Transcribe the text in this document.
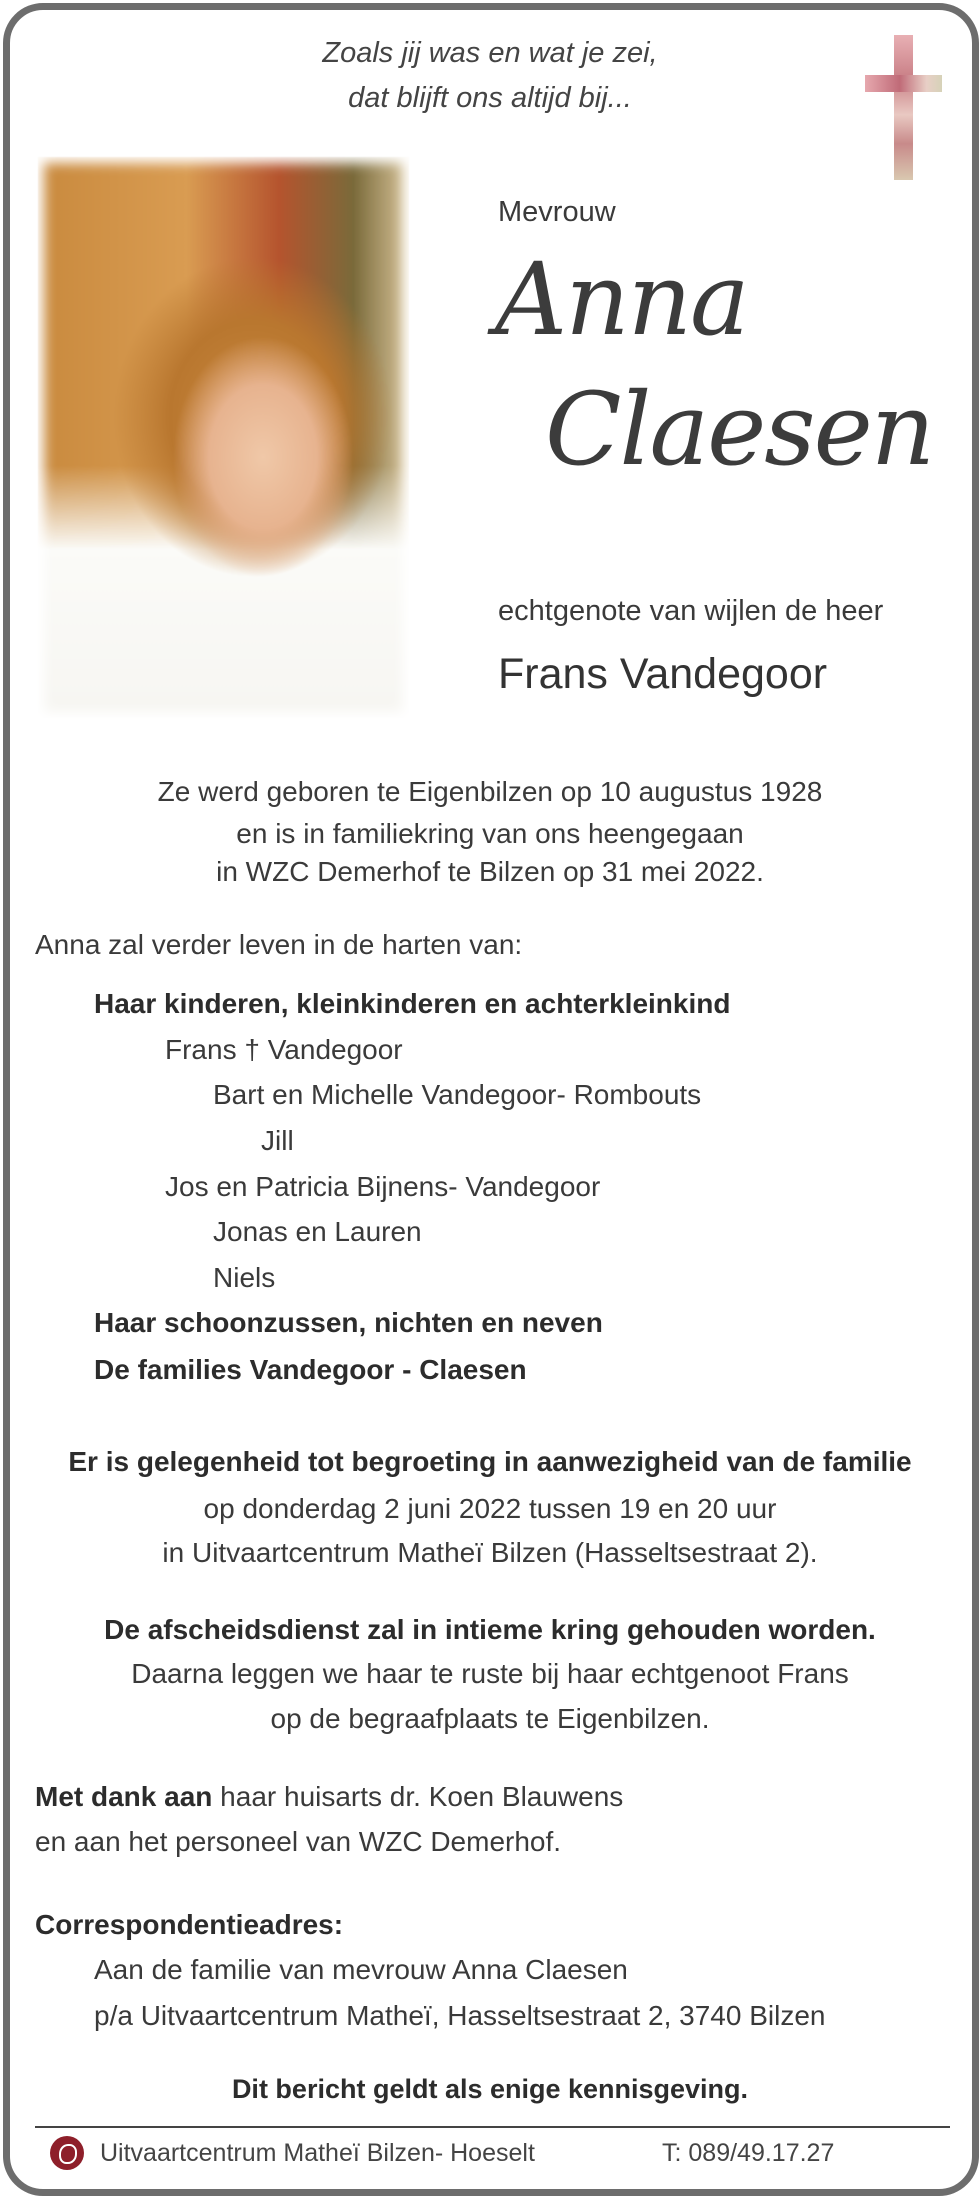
Zoals jij was en wat je zei,
dat blijft ons altijd bij...
Mevrouw
Anna
Claesen
echtgenote van wijlen de heer
Frans Vandegoor
Ze werd geboren te Eigenbilzen op 10 augustus 1928
en is in familiekring van ons heengegaan
in WZC Demerhof te Bilzen op 31 mei 2022.
Anna zal verder leven in de harten van:
Haar kinderen, kleinkinderen en achterkleinkind
Frans † Vandegoor
Bart en Michelle Vandegoor- Rombouts
Jill
Jos en Patricia Bijnens- Vandegoor
Jonas en Lauren
Niels
Haar schoonzussen, nichten en neven
De families Vandegoor - Claesen
Er is gelegenheid tot begroeting in aanwezigheid van de familie
op donderdag 2 juni 2022 tussen 19 en 20 uur
in Uitvaartcentrum Matheï Bilzen (Hasseltsestraat 2).
De afscheidsdienst zal in intieme kring gehouden worden.
Daarna leggen we haar te ruste bij haar echtgenoot Frans
op de begraafplaats te Eigenbilzen.
Met dank aan haar huisarts dr. Koen Blauwens
en aan het personeel van WZC Demerhof.
Correspondentieadres:
Aan de familie van mevrouw Anna Claesen
p/a Uitvaartcentrum Matheï, Hasseltsestraat 2, 3740 Bilzen
Dit bericht geldt als enige kennisgeving.
Uitvaartcentrum Matheï Bilzen- Hoeselt	T: 089/49.17.27
